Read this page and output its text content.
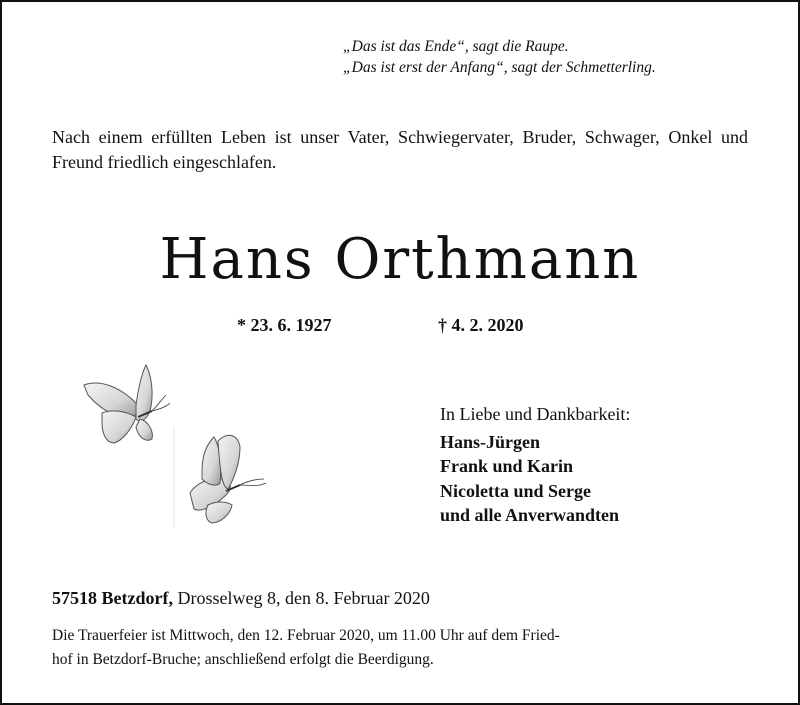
„Das ist das Ende“, sagt die Raupe.
„Das ist erst der Anfang“, sagt der Schmetterling.
Nach einem erfüllten Leben ist unser Vater, Schwiegervater, Bruder, Schwager, Onkel und Freund friedlich eingeschlafen.
Hans Orthmann
* 23. 6. 1927	† 4. 2. 2020
In Liebe und Dankbarkeit:
Hans-Jürgen
Frank und Karin
Nicoletta und Serge
und alle Anverwandten
57518 Betzdorf, Drosselweg 8, den 8. Februar 2020
Die Trauerfeier ist Mittwoch, den 12. Februar 2020, um 11.00 Uhr auf dem Fried-
hof in Betzdorf-Bruche; anschließend erfolgt die Beerdigung.
